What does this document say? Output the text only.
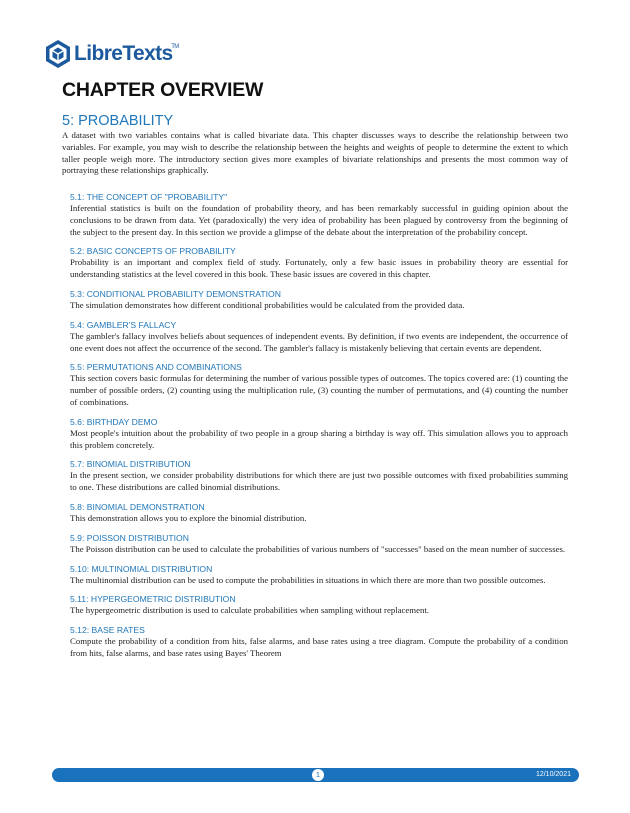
LibreTexts
TM
CHAPTER OVERVIEW
5: PROBABILITY

A dataset with two variables contains what is called bivariate data. This chapter discusses ways to describe the relationship between two variables. For example, you may wish to describe the relationship between the heights and weights of people to determine the extent to which taller people weigh more. The introductory section gives more examples of bivariate relationships and presents the most common way of portraying these relationships graphically.

5.1: THE CONCEPT OF "PROBABILITY"

Inferential statistics is built on the foundation of probability theory, and has been remarkably successful in guiding opinion about the conclusions to be drawn from data. Yet (paradoxically) the very idea of probability has been plagued by controversy from the beginning of the subject to the present day. In this section we provide a glimpse of the debate about the interpretation of the probability concept.

5.2: BASIC CONCEPTS OF PROBABILITY

Probability is an important and complex field of study. Fortunately, only a few basic issues in probability theory are essential for understanding statistics at the level covered in this book. These basic issues are covered in this chapter.

5.3: CONDITIONAL PROBABILITY DEMONSTRATION

The simulation demonstrates how different conditional probabilities would be calculated from the provided data.

5.4: GAMBLER'S FALLACY

The gambler's fallacy involves beliefs about sequences of independent events. By definition, if two events are independent, the occurrence of one event does not affect the occurrence of the second. The gambler's fallacy is mistakenly believing that certain events are dependent.

5.5: PERMUTATIONS AND COMBINATIONS

This section covers basic formulas for determining the number of various possible types of outcomes. The topics covered are: (1) counting the number of possible orders, (2) counting using the multiplication rule, (3) counting the number of permutations, and (4) counting the number of combinations.

5.6: BIRTHDAY DEMO

Most people's intuition about the probability of two people in a group sharing a birthday is way off. This simulation allows you to approach this problem concretely.

5.7: BINOMIAL DISTRIBUTION

In the present section, we consider probability distributions for which there are just two possible outcomes with fixed probabilities summing to one. These distributions are called binomial distributions.

5.8: BINOMIAL DEMONSTRATION

This demonstration allows you to explore the binomial distribution.

5.9: POISSON DISTRIBUTION

The Poisson distribution can be used to calculate the probabilities of various numbers of "successes" based on the mean number of successes.

5.10: MULTINOMIAL DISTRIBUTION

The multinomial distribution can be used to compute the probabilities in situations in which there are more than two possible outcomes.

5.11: HYPERGEOMETRIC DISTRIBUTION

The hypergeometric distribution is used to calculate probabilities when sampling without replacement.

5.12: BASE RATES

Compute the probability of a condition from hits, false alarms, and base rates using a tree diagram. Compute the probability of a condition from hits, false alarms, and base rates using Bayes' Theorem

1	12/10/2021
